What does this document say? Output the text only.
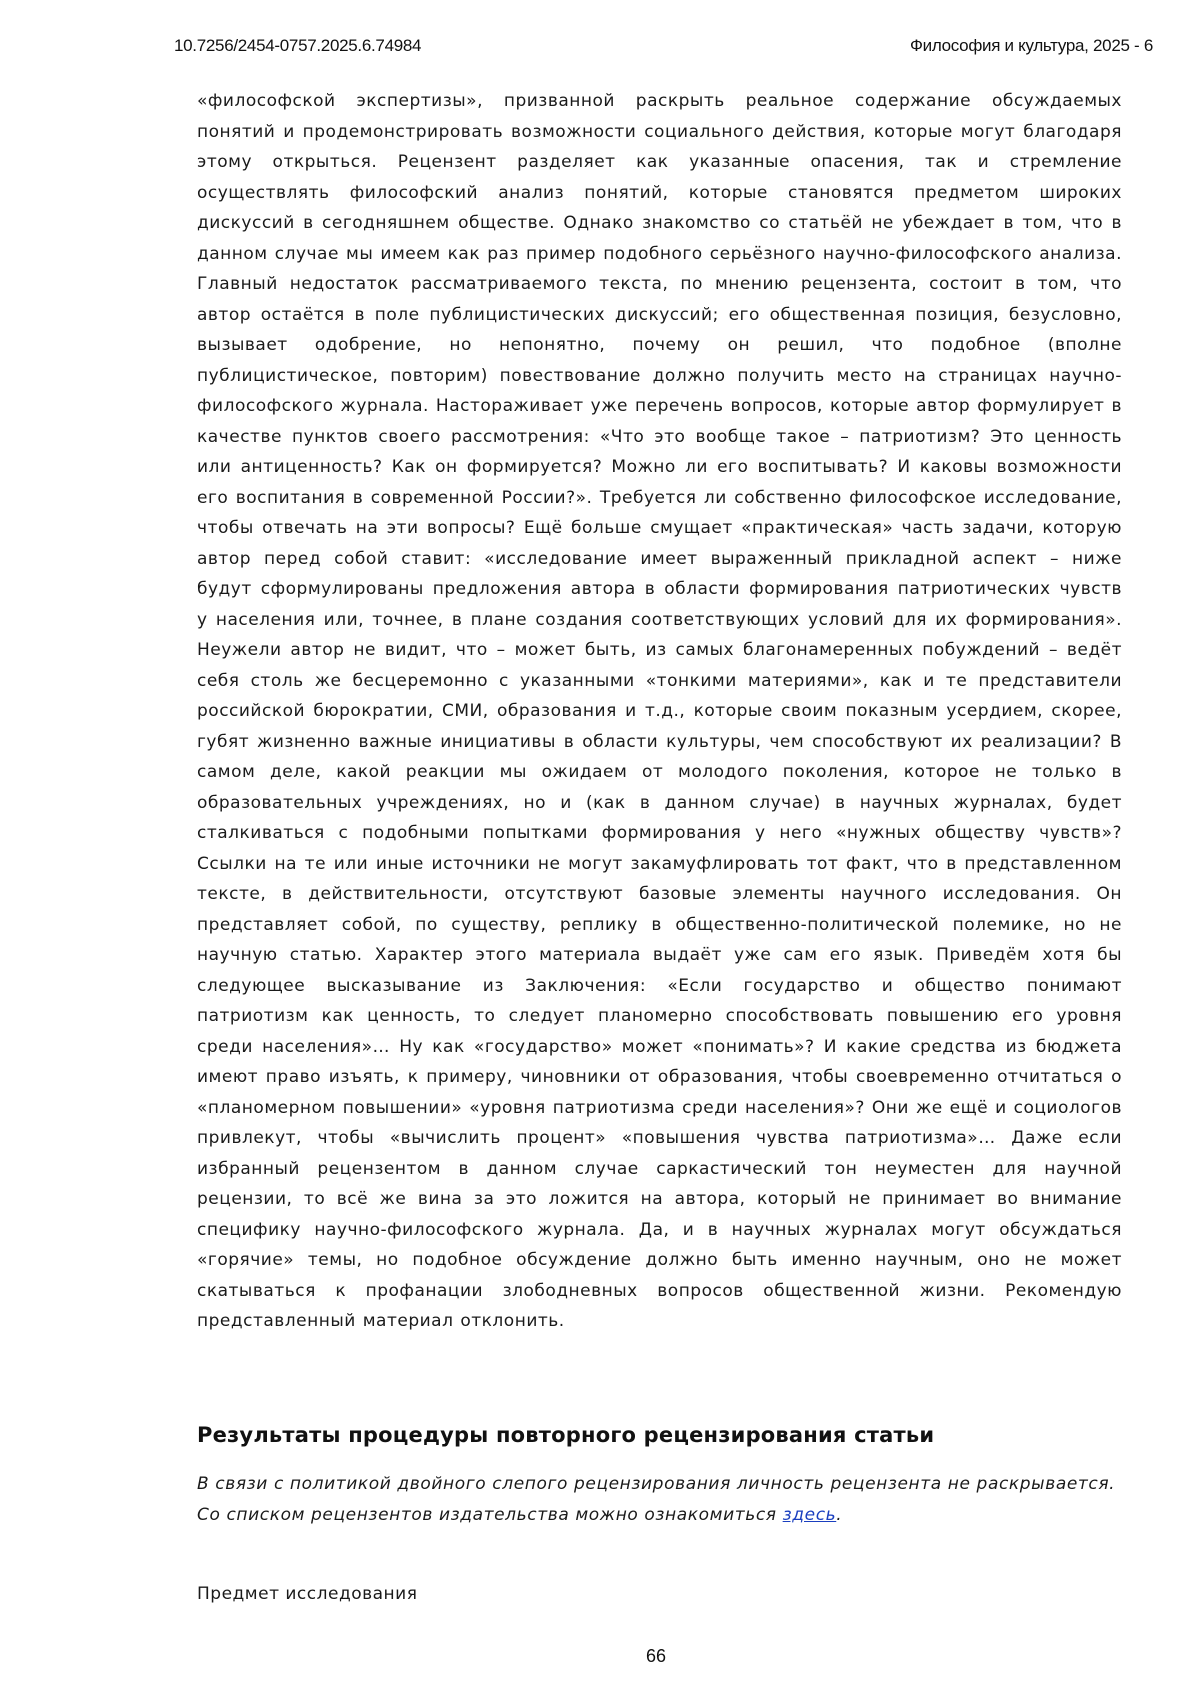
10.7256/2454-0757.2025.6.74984	Философия и культура, 2025 - 6

«философской экспертизы», призванной раскрыть реальное содержание обсуждаемых понятий и продемонстрировать возможности социального действия, которые могут благодаря этому открыться. Рецензент разделяет как указанные опасения, так и стремление осуществлять философский анализ понятий, которые становятся предметом широких дискуссий в сегодняшнем обществе. Однако знакомство со статьёй не убеждает в том, что в данном случае мы имеем как раз пример подобного серьёзного научно-философского анализа. Главный недостаток рассматриваемого текста, по мнению рецензента, состоит в том, что автор остаётся в поле публицистических дискуссий; его общественная позиция, безусловно, вызывает одобрение, но непонятно, почему он решил, что подобное (вполне публицистическое, повторим) повествование должно получить место на страницах научно-философского журнала. Настораживает уже перечень вопросов, которые автор формулирует в качестве пунктов своего рассмотрения: «Что это вообще такое – патриотизм? Это ценность или антиценность? Как он формируется? Можно ли его воспитывать? И каковы возможности его воспитания в современной России?». Требуется ли собственно философское исследование, чтобы отвечать на эти вопросы? Ещё больше смущает «практическая» часть задачи, которую автор перед собой ставит: «исследование имеет выраженный прикладной аспект – ниже будут сформулированы предложения автора в области формирования патриотических чувств у населения или, точнее, в плане создания соответствующих условий для их формирования». Неужели автор не видит, что – может быть, из самых благонамеренных побуждений – ведёт себя столь же бесцеремонно с указанными «тонкими материями», как и те представители российской бюрократии, СМИ, образования и т.д., которые своим показным усердием, скорее, губят жизненно важные инициативы в области культуры, чем способствуют их реализации? В самом деле, какой реакции мы ожидаем от молодого поколения, которое не только в образовательных учреждениях, но и (как в данном случае) в научных журналах, будет сталкиваться с подобными попытками формирования у него «нужных обществу чувств»? Ссылки на те или иные источники не могут закамуфлировать тот факт, что в представленном тексте, в действительности, отсутствуют базовые элементы научного исследования. Он представляет собой, по существу, реплику в общественно-политической полемике, но не научную статью. Характер этого материала выдаёт уже сам его язык. Приведём хотя бы следующее высказывание из Заключения: «Если государство и общество понимают патриотизм как ценность, то следует планомерно способствовать повышению его уровня среди населения»… Ну как «государство» может «понимать»? И какие средства из бюджета имеют право изъять, к примеру, чиновники от образования, чтобы своевременно отчитаться о «планомерном повышении» «уровня патриотизма среди населения»? Они же ещё и социологов привлекут, чтобы «вычислить процент» «повышения чувства патриотизма»… Даже если избранный рецензентом в данном случае саркастический тон неуместен для научной рецензии, то всё же вина за это ложится на автора, который не принимает во внимание специфику научно-философского журнала. Да, и в научных журналах могут обсуждаться «горячие» темы, но подобное обсуждение должно быть именно научным, оно не может скатываться к профанации злободневных вопросов общественной жизни. Рекомендую представленный материал отклонить.

Результаты процедуры повторного рецензирования статьи

В связи с политикой двойного слепого рецензирования личность рецензента не раскрывается.
Со списком рецензентов издательства можно ознакомиться здесь.

Предмет исследования

66
